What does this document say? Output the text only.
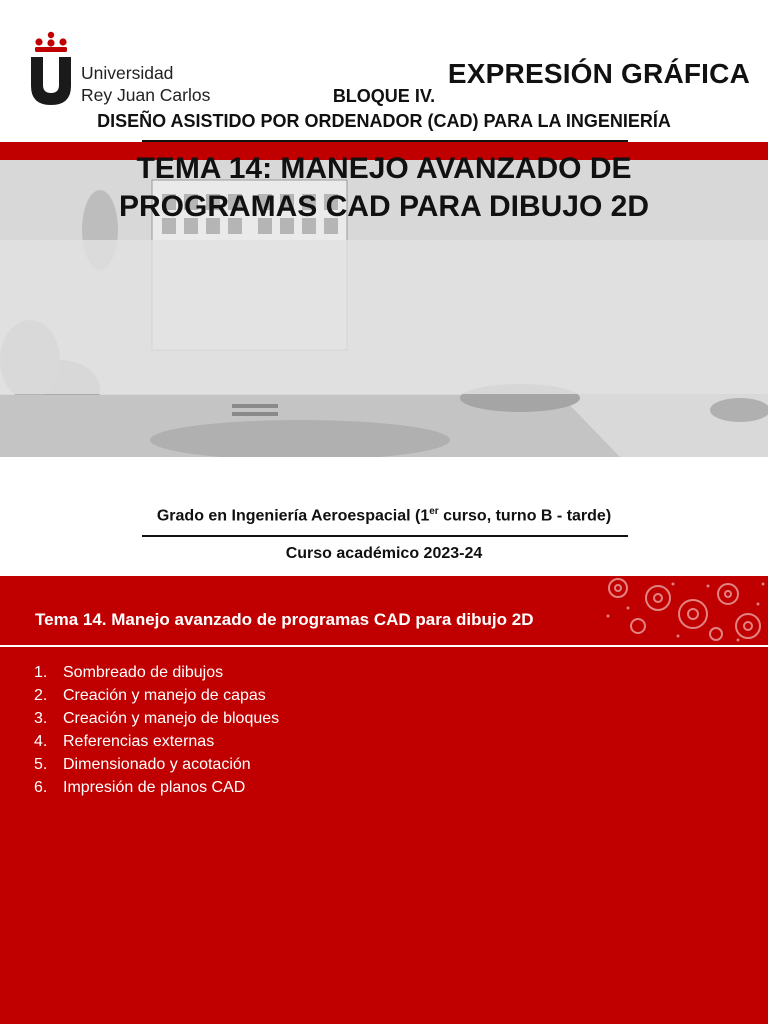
Universidad
Rey Juan Carlos
EXPRESIÓN GRÁFICA
BLOQUE IV.
DISEÑO ASISTIDO POR ORDENADOR (CAD) PARA LA INGENIERÍA
TEMA 14: MANEJO AVANZADO DE
PROGRAMAS CAD PARA DIBUJO 2D
Grado en Ingeniería Aeroespacial (1er curso, turno B - tarde)
Curso académico 2023-24
Tema 14. Manejo avanzado de programas CAD para dibujo 2D
1. Sombreado de dibujos
2. Creación y manejo de capas
3. Creación y manejo de bloques
4. Referencias externas
5. Dimensionado y acotación
6. Impresión de planos CAD
